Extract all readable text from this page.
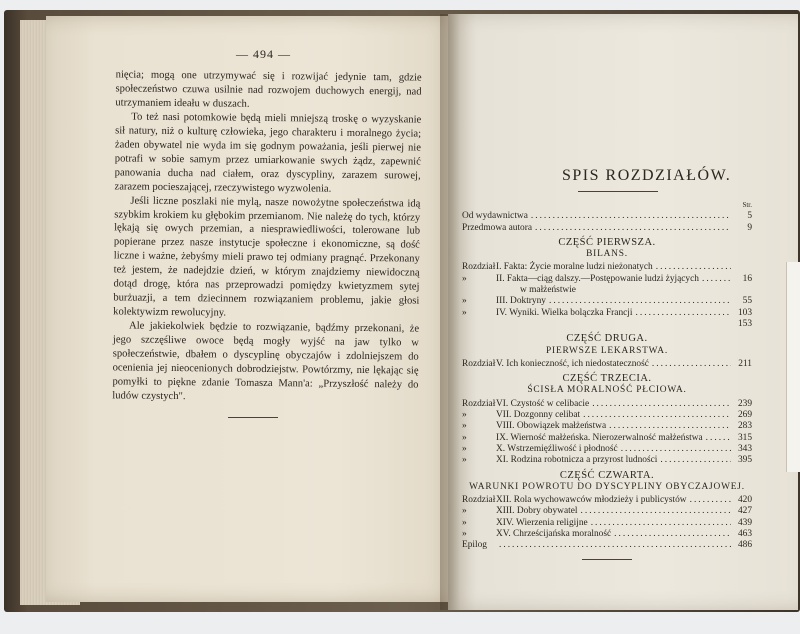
— 494 —

nięcia; mogą one utrzymywać się i rozwijać jedynie tam, gdzie społeczeństwo czuwa usilnie nad rozwojem duchowych energij, nad utrzymaniem ideału w duszach.

To też nasi potomkowie będą mieli mniejszą troskę o wyzyskanie sił natury, niż o kulturę człowieka, jego charakteru i moralnego życia; żaden obywatel nie wyda im się godnym poważania, jeśli pierwej nie potrafi w sobie samym przez umiarkowanie swych żądz, zapewnić panowania ducha nad ciałem, oraz dyscypliny, zarazem surowej, zarazem pocieszającej, rzeczywistego wyzwolenia.

Jeśli liczne poszlaki nie mylą, nasze nowożytne społeczeństwa idą szybkim krokiem ku głębokim przemianom. Nie należę do tych, którzy lękają się owych przemian, a niesprawiedliwości, tolerowane lub popierane przez nasze instytucje społeczne i ekonomiczne, są dość liczne i ważne, żebyśmy mieli prawo tej odmiany pragnąć. Przekonany też jestem, że nadejdzie dzień, w którym znajdziemy niewidoczną dotąd drogę, która nas przeprowadzi pomiędzy kwietyzmem sytej burżuazji, a tem dziecinnem rozwiązaniem problemu, jakie głosi kolektywizm rewolucyjny.

Ale jakiekolwiek będzie to rozwiązanie, bądźmy przekonani, że jego szczęśliwe owoce będą mogły wyjść na jaw tylko w społeczeństwie, dbałem o dyscyplinę obyczajów i zdolniejszem do ocenienia jej nieocenionych dobrodziejstw. Powtórzmy, nie lękając się pomyłki to piękne zdanie Tomasza Mann'a: „Przyszłość należy do ludów czystych".

SPIS ROZDZIAŁÓW.
Str.
Od wydawnictwa .....	5
Przedmowa autora .....	9
CZĘŚĆ PIERWSZA.
BILANS.
Rozdział I. Fakta: Życie moralne ludzi nieżonatych
.....
»	II. Fakta—ciąg dalszy.—Postępowanie ludzi żyjących .....	16
w małżeństwie
»	III. Doktryny .....	55
»	IV. Wyniki. Wielka bolączka Francji .....	103
153
CZĘŚĆ DRUGA.
PIERWSZE LEKARSTWA.
Rozdział V. Ich konieczność, ich niedostateczność .....	211
CZĘŚĆ TRZECIA.
ŚCISŁA MORALNOŚĆ PŁCIOWA.
Rozdział VI. Czystość w celibacie .....	239
»	VII. Dozgonny celibat .....	269
»	VIII. Obowiązek małżeństwa .....	283
»	IX. Wierność małżeńska. Nierozerwalność małżeństwa .....	315
»	X. Wstrzemięźliwość i płodność .....	343
»	XI. Rodzina robotnicza a przyrost ludności .....	395
CZĘŚĆ CZWARTA.
WARUNKI POWROTU DO DYSCYPLINY OBYCZAJOWEJ.
Rozdział XII. Rola wychowawców młodzieży i publicystów .....	420
»	XIII. Dobry obywatel .....	427
»	XIV. Wierzenia religijne .....	439
»	XV. Chrześcijańska moralność .....	463
Epilog .....	486
